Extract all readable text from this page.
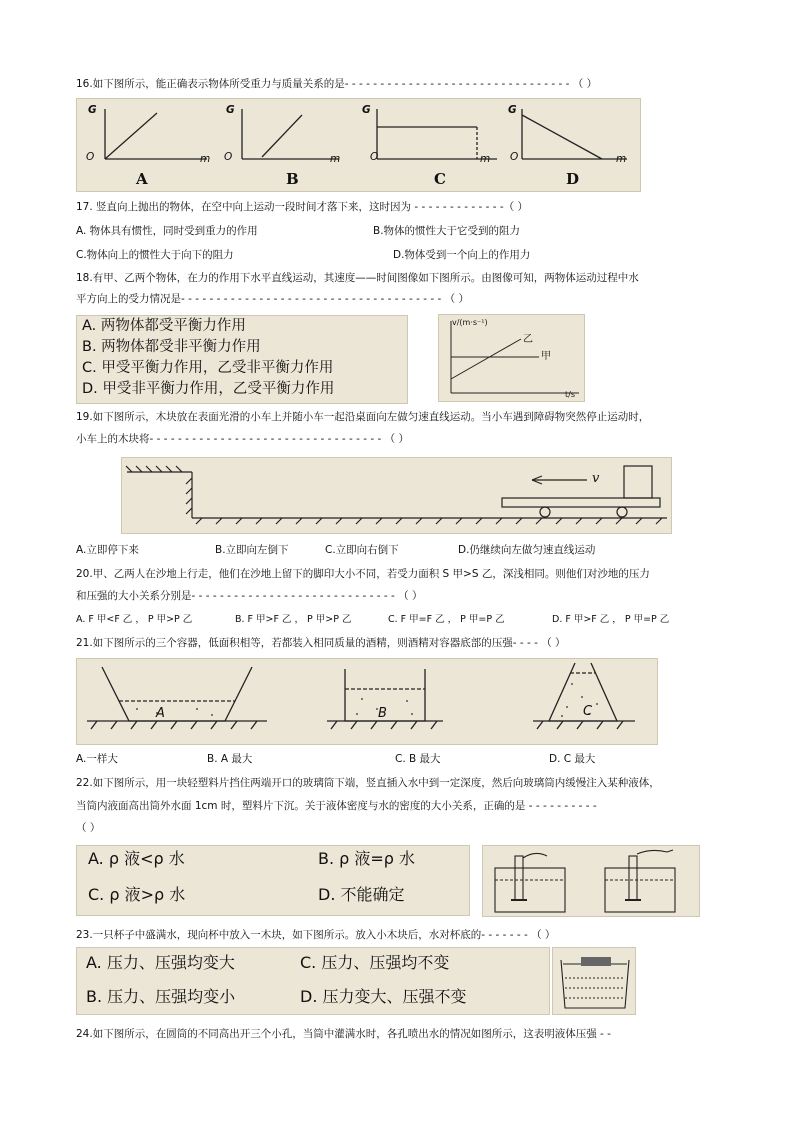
16.如下图所示，能正确表示物体所受重力与质量关系的是- - - - - - - - - - - - - - - - - - - - - - - - - - - - - - - - （ ）
G
O	m
G
O	m
G
O	m
G
O	m
A	B	C	D
17. 竖直向上抛出的物体，在空中向上运动一段时间才落下来，这时因为 - - - - - - - - - - - - -（ ）
A. 物体具有惯性，同时受到重力的作用	B.物体的惯性大于它受到的阻力
C.物体向上的惯性大于向下的阻力	D.物体受到一个向上的作用力
18.有甲、乙两个物体，在力的作用下水平直线运动，其速度——时间图像如下图所示。由图像可知，两物体运动过程中水
平方向上的受力情况是- - - - - - - - - - - - - - - - - - - - - - - - - - - - - - - - - - - - - （ ）
A. 两物体都受平衡力作用
B. 两物体都受非平衡力作用
C. 甲受平衡力作用，乙受非平衡力作用
D. 甲受非平衡力作用，乙受平衡力作用
v/(m·s⁻¹)
t/s
乙
甲
19.如下图所示，木块放在表面光滑的小车上并随小车一起沿桌面向左做匀速直线运动。当小车遇到障碍物突然停止运动时，
小车上的木块将- - - - - - - - - - - - - - - - - - - - - - - - - - - - - - - - - （ ）
v
A.立即停下来	B.立即向左倒下	C.立即向右倒下	D.仍继续向左做匀速直线运动
20.甲、乙两人在沙地上行走，他们在沙地上留下的脚印大小不同，若受力面积 S 甲>S 乙，深浅相同。则他们对沙地的压力
和压强的大小关系分别是- - - - - - - - - - - - - - - - - - - - - - - - - - - - - （ ）
A. F 甲<F 乙 ， P 甲>P 乙	B. F 甲>F 乙 ， P 甲>P 乙	C. F 甲=F 乙 ， P 甲=P 乙	D. F 甲>F 乙 ， P 甲=P 乙
21.如下图所示的三个容器，低面积相等，若都装入相同质量的酒精，则酒精对容器底部的压强- - - - （ ）
A	B	C
A.一样大	B. A 最大	C. B 最大	D. C 最大
22.如下图所示，用一块轻塑料片挡住两端开口的玻璃筒下端，竖直插入水中到一定深度，然后向玻璃筒内缓慢注入某种液体，
当筒内液面高出筒外水面 1cm 时，塑料片下沉。关于液体密度与水的密度的大小关系，正确的是 - - - - - - - - - -
（ ）
A. ρ 液<ρ 水	B. ρ 液=ρ 水
C. ρ 液>ρ 水	D. 不能确定
23.一只杯子中盛满水，现向杯中放入一木块，如下图所示。放入小木块后，水对杯底的- - - - - - - （ ）
A. 压力、压强均变大	C. 压力、压强均不变
B. 压力、压强均变小	D. 压力变大、压强不变
24.如下图所示，在圆筒的不同高出开三个小孔，当筒中灌满水时，各孔喷出水的情况如图所示，这表明液体压强 - -
